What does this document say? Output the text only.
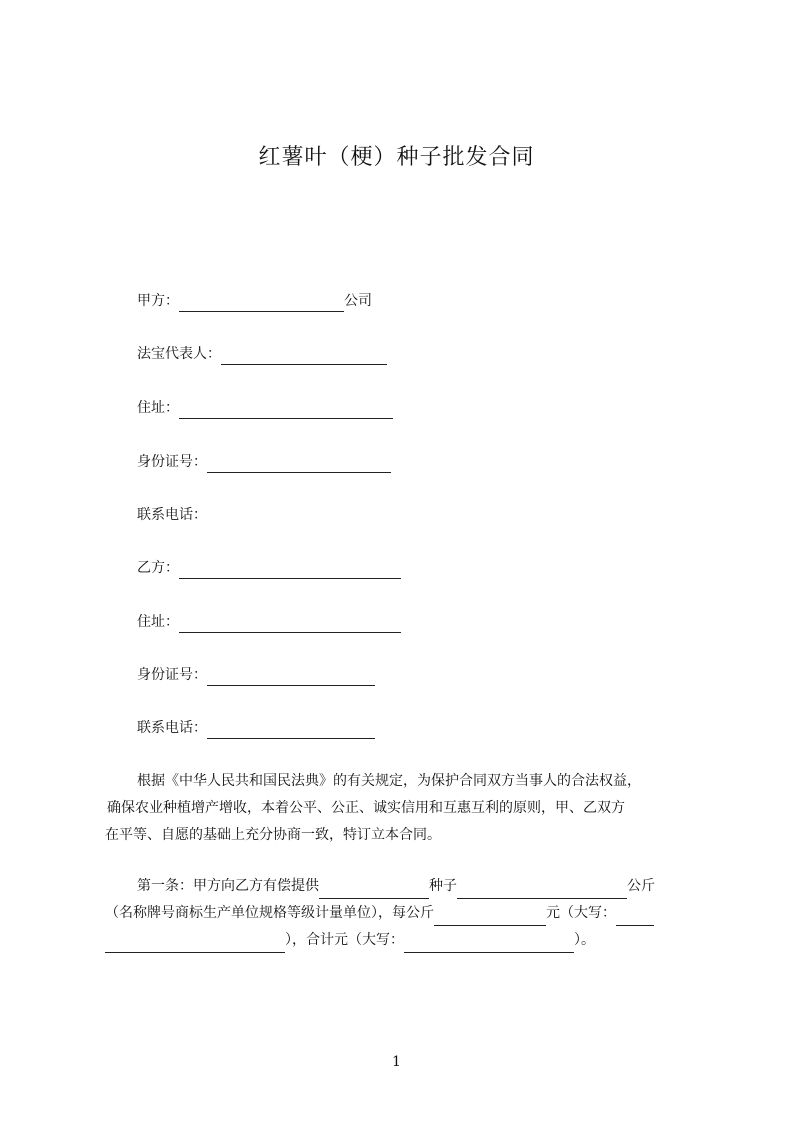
红薯叶（梗）种子批发合同
甲方：	公司
法宝代表人：
住址：
身份证号：
联系电话：
乙方：
住址：
身份证号：
联系电话：
根据《中华人民共和国民法典》的有关规定，为保护合同双方当事人的合法权益，
确保农业种植增产增收，本着公平、公正、诚实信用和互惠互利的原则，甲、乙双方
在平等、自愿的基础上充分协商一致，特订立本合同。
第一条：甲方向乙方有偿提供	种子	公斤
（名称牌号商标生产单位规格等级计量单位），每公斤	元（大写：
），合计元（大写：	）。
1
